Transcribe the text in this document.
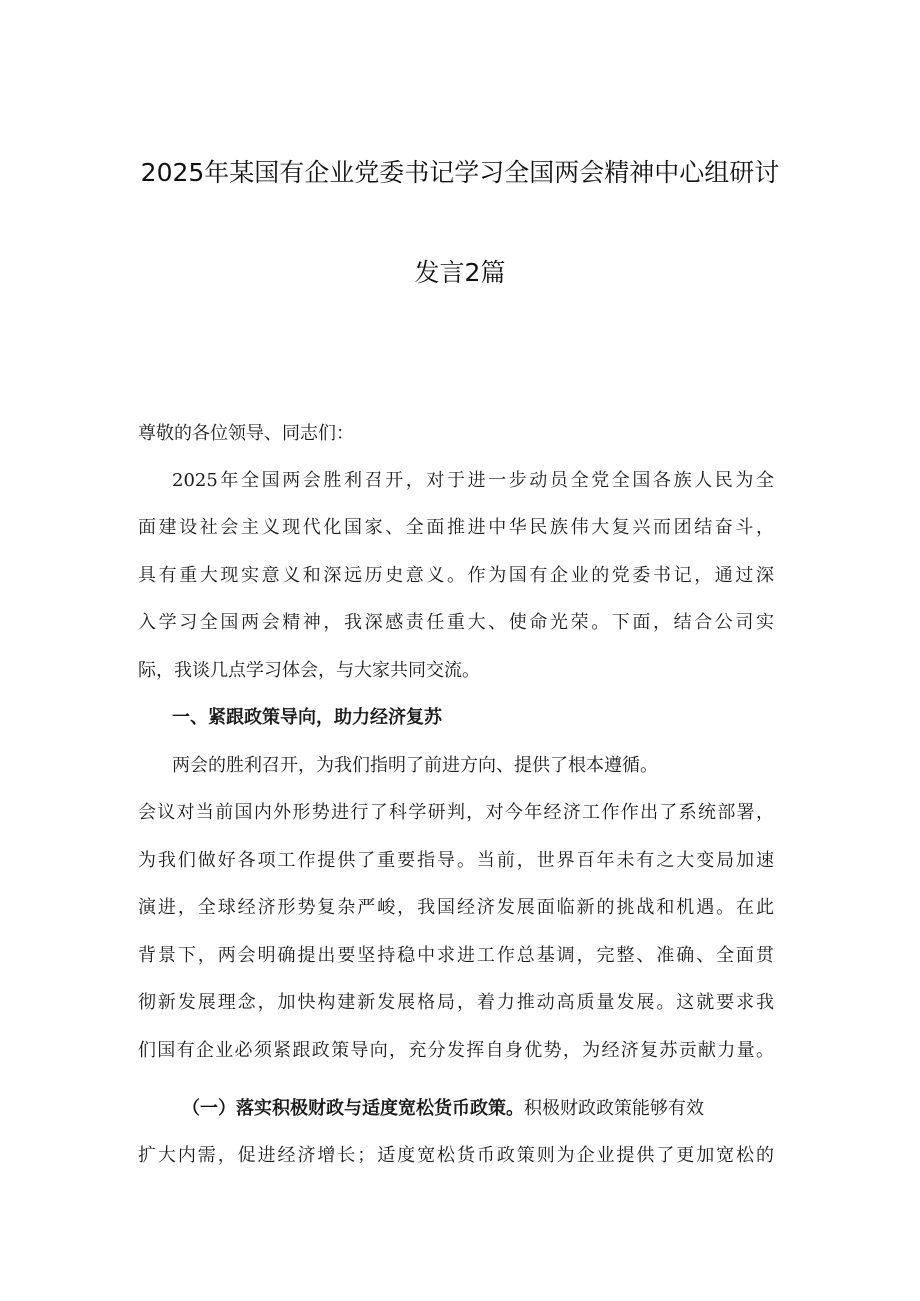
2025年某国有企业党委书记学习全国两会精神中心组研讨
发言2篇
尊敬的各位领导、同志们：
2025年全国两会胜利召开，对于进一步动员全党全国各族人民为全
面建设社会主义现代化国家、全面推进中华民族伟大复兴而团结奋斗，
具有重大现实意义和深远历史意义。作为国有企业的党委书记，通过深
入学习全国两会精神，我深感责任重大、使命光荣。下面，结合公司实
际，我谈几点学习体会，与大家共同交流。
一、紧跟政策导向，助力经济复苏
两会的胜利召开，为我们指明了前进方向、提供了根本遵循。
会议对当前国内外形势进行了科学研判，对今年经济工作作出了系统部署，
为我们做好各项工作提供了重要指导。当前，世界百年未有之大变局加速
演进，全球经济形势复杂严峻，我国经济发展面临新的挑战和机遇。在此
背景下，两会明确提出要坚持稳中求进工作总基调，完整、准确、全面贯
彻新发展理念，加快构建新发展格局，着力推动高质量发展。这就要求我
们国有企业必须紧跟政策导向，充分发挥自身优势，为经济复苏贡献力量。
（一）落实积极财政与适度宽松货币政策。积极财政政策能够有效
扩大内需，促进经济增长；适度宽松货币政策则为企业提供了更加宽松的
